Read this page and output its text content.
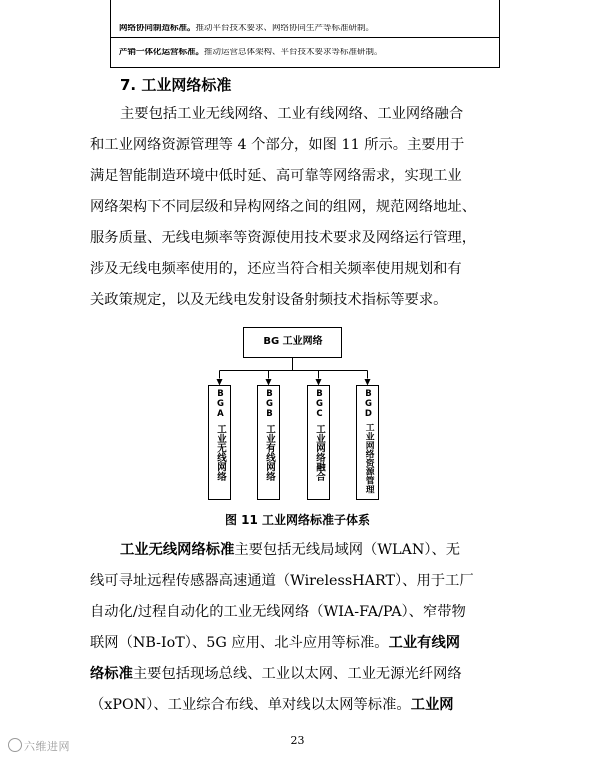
网络协同制造标准。推动平台技术要求、网络协同生产等标准研制。
产销一体化运营标准。推动运营总体架构、平台技术要求等标准研制。
7. 工业网络标准
主要包括工业无线网络、工业有线网络、工业网络融合
和工业网络资源管理等 4 个部分，如图 11 所示。主要用于
满足智能制造环境中低时延、高可靠等网络需求，实现工业
网络架构下不同层级和异构网络之间的组网，规范网络地址、
服务质量、无线电频率等资源使用技术要求及网络运行管理，
涉及无线电频率使用的，还应当符合相关频率使用规划和有
关政策规定，以及无线电发射设备射频技术指标等要求。
BG 工业网络
BGA
工业无线网络
BGB
工业有线网络
BGC
工业网络融合
BGD
工业网络资源管理
图 11 工业网络标准子体系
工业无线网络标准主要包括无线局域网（WLAN）、无
线可寻址远程传感器高速通道（WirelessHART）、用于工厂
自动化/过程自动化的工业无线网络（WIA-FA/PA）、窄带物
联网（NB-IoT）、5G 应用、北斗应用等标准。工业有线网
络标准主要包括现场总线、工业以太网、工业无源光纤网络
（xPON）、工业综合布线、单对线以太网等标准。工业网
23
六维进网
